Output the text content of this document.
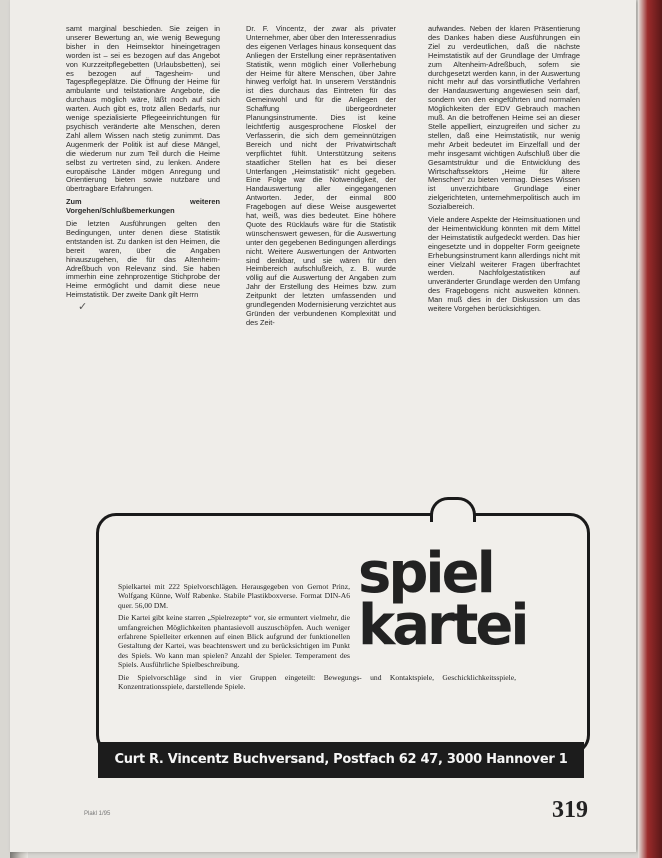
samt marginal beschieden. Sie zeigen in unserer Bewertung an, wie wenig Bewegung bisher in den Heimsektor hineingetragen worden ist – sei es bezogen auf das Angebot von Kurzzeitpflegebetten (Urlaubsbetten), sei es bezogen auf Tagesheim- und Tagespflegeplätze. Die Öffnung der Heime für ambulante und teilstationäre Angebote, die durchaus möglich wäre, läßt noch auf sich warten. Auch gibt es, trotz allen Bedarfs, nur wenige spezialisierte Pflegeeinrichtungen für psychisch veränderte alte Menschen, deren Zahl allem Wissen nach stetig zunimmt. Das Augenmerk der Politik ist auf diese Mängel, die wiederum nur zum Teil durch die Heime selbst zu vertreten sind, zu lenken. Andere europäische Länder mögen Anregung und Orientierung bieten sowie nutzbare und übertragbare Erfahrungen.

Zum weiteren Vorgehen/Schlußbemerkungen

Die letzten Ausführungen gelten den Bedingungen, unter denen diese Statistik entstanden ist. Zu danken ist den Heimen, die bereit waren, über die Angaben hinauszugehen, die für das Altenheim-Adreßbuch von Relevanz sind. Sie haben immerhin eine zehnprozentige Stichprobe der Heime ermöglicht und damit diese neue Heimstatistik. Der zweite Dank gilt Herrn

Dr. F. Vincentz, der zwar als privater Unternehmer, aber über den Interessenradius des eigenen Verlages hinaus konsequent das Anliegen der Erstellung einer repräsentativen Statistik, wenn möglich einer Vollerhebung der Heime für ältere Menschen, über Jahre hinweg verfolgt hat. In unserem Verständnis ist dies durchaus das Eintreten für das Gemeinwohl und für die Anliegen der Schaffung übergeordneter Planungsinstrumente. Dies ist keine leichtfertig ausgesprochene Floskel der Verfasserin, die sich dem gemeinnützigen Bereich und nicht der Privatwirtschaft verpflichtet fühlt. Unterstützung seitens staatlicher Stellen hat es bei dieser Unterfangen „Heimstatistik“ nicht gegeben. Eine Folge war die Notwendigkeit, der Handauswertung aller eingegangenen Antworten. Jeder, der einmal 800 Fragebogen auf diese Weise ausgewertet hat, weiß, was dies bedeutet. Eine höhere Quote des Rücklaufs wäre für die Statistik wünschenswert gewesen, für die Auswertung unter den gegebenen Bedingungen allerdings nicht. Weitere Auswertungen der Antworten sind denkbar, und sie wären für den Heimbereich aufschlußreich, z. B. wurde völlig auf die Auswertung der Angaben zum Jahr der Erstellung des Heimes bzw. zum Zeitpunkt der letzten umfassenden und grundlegenden Modernisierung verzichtet aus Gründen der verbundenen Komplexität und des Zeit-

aufwandes. Neben der klaren Präsentierung des Dankes haben diese Ausführungen ein Ziel zu verdeutlichen, daß die nächste Heimstatistik auf der Grundlage der Umfrage zum Altenheim-Adreßbuch, sofern sie durchgesetzt werden kann, in der Auswertung nicht mehr auf das vorsintflutliche Verfahren der Handauswertung angewiesen sein darf, sondern von den eingeführten und normalen Möglichkeiten der EDV Gebrauch machen muß. An die betroffenen Heime sei an dieser Stelle appelliert, einzugreifen und sicher zu stellen, daß eine Heimstatistik, nur wenig mehr Arbeit bedeutet im Einzelfall und der mehr insgesamt wichtigen Aufschluß über die Gesamtstruktur und die Entwicklung des Wirtschaftssektors „Heime für ältere Menschen“ zu bieten vermag. Dieses Wissen ist unverzichtbare Grundlage einer zielgerichteten, unternehmerpolitisch auch im Sozialbereich.

Viele andere Aspekte der Heimsituationen und der Heimentwicklung könnten mit dem Mittel der Heimstatistik aufgedeckt werden. Das hier eingesetzte und in doppelter Form geeignete Erhebungsinstrument kann allerdings nicht mit einer Vielzahl weiterer Fragen überfrachtet werden. Nachfolgestatistiken auf unveränderter Grundlage werden den Umfang des Fragebogens nicht ausweiten können. Man muß dies in der Diskussion um das weitere Vorgehen berücksichtigen.

✓

Spielkartei mit 222 Spielvorschlägen. Herausgegeben von Gernot Prinz, Wolfgang Künne, Wolf Rabenke. Stabile Plastikboxverse. Format DIN-A6 quer. 56,00 DM.

Die Kartei gibt keine starren „Spielrezepte“ vor, sie ermuntert vielmehr, die umfangreichen Möglichkeiten phantasievoll auszuschöpfen. Auch weniger erfahrene Spielleiter erkennen auf einen Blick aufgrund der funktionellen Gestaltung der Kartei, was beachtenswert und zu berücksichtigen im Punkt des Spiels. Wo kann man spielen? Anzahl der Spieler. Temperament des Spiels. Ausführliche Spielbeschreibung.

Die Spielvorschläge sind in vier Gruppen eingeteilt: Bewegungs- und Kontaktspiele, Geschicklichkeitsspiele, Konzentrationsspiele, darstellende Spiele.

spiel
kartei
Curt R. Vincentz Buchversand, Postfach 62 47, 3000 Hannover 1
Plakl 1/95	319
